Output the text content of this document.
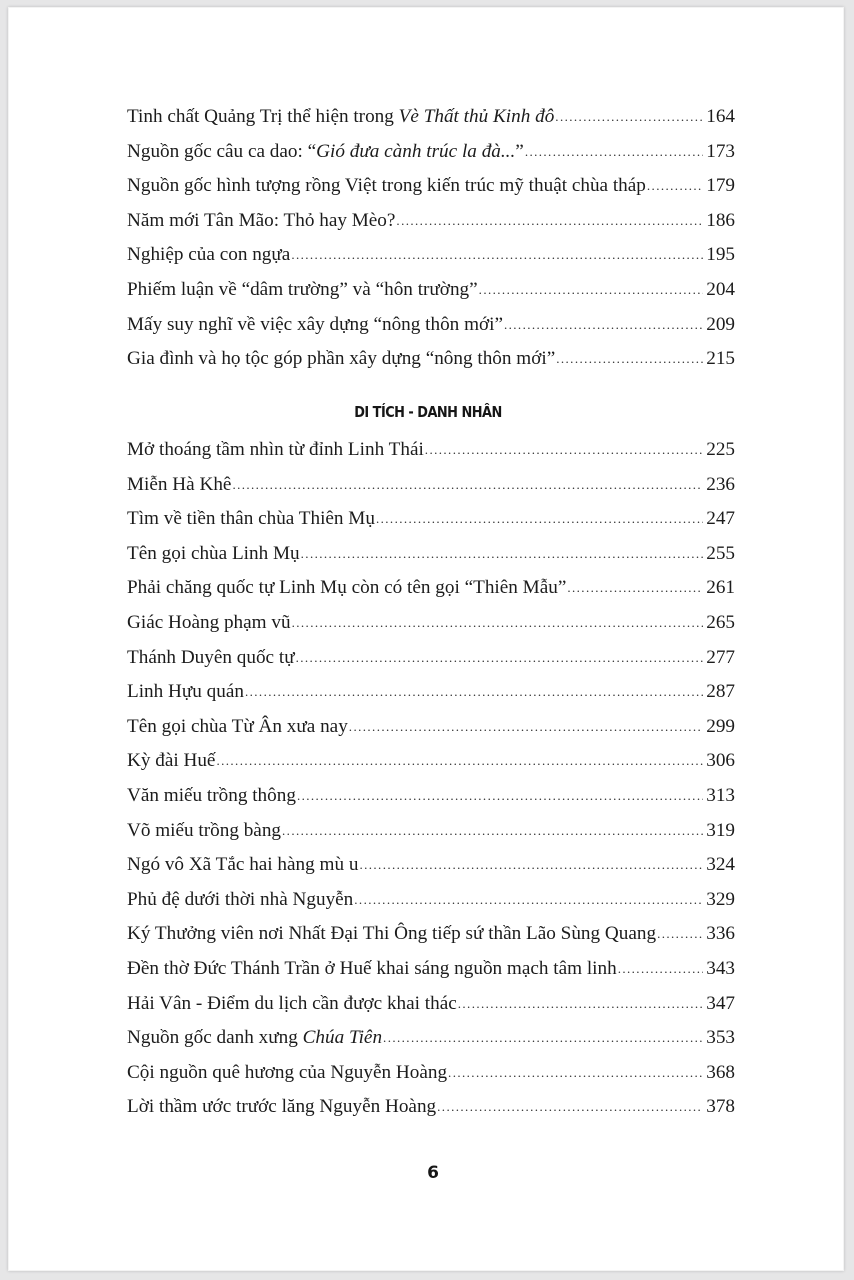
Tinh chất Quảng Trị thể hiện trong Vè Thất thủ Kinh đô .....	164
Nguồn gốc câu ca dao: “Gió đưa cành trúc la đà...” .....	173
Nguồn gốc hình tượng rồng Việt trong kiến trúc mỹ thuật chùa tháp .....	179
Năm mới Tân Mão: Thỏ hay Mèo? .....	186
Nghiệp của con ngựa .....	195
Phiếm luận về “dâm trường” và “hôn trường” .....	204
Mấy suy nghĩ về việc xây dựng “nông thôn mới” .....	209
Gia đình và họ tộc góp phần xây dựng “nông thôn mới” .....	215
DI TÍCH - DANH NHÂN
Mở thoáng tầm nhìn từ đỉnh Linh Thái .....	225
Miễn Hà Khê .....	236
Tìm về tiền thân chùa Thiên Mụ .....	247
Tên gọi chùa Linh Mụ .....	255
Phải chăng quốc tự Linh Mụ còn có tên gọi “Thiên Mẫu” .....	261
Giác Hoàng phạm vũ .....	265
Thánh Duyên quốc tự .....	277
Linh Hựu quán .....	287
Tên gọi chùa Từ Ân xưa nay .....	299
Kỳ đài Huế .....	306
Văn miếu trồng thông .....	313
Võ miếu trồng bàng .....	319
Ngó vô Xã Tắc hai hàng mù u .....	324
Phủ đệ dưới thời nhà Nguyễn .....	329
Ký Thưởng viên nơi Nhất Đại Thi Ông tiếp sứ thần Lão Sùng Quang .....	336
Đền thờ Đức Thánh Trần ở Huế khai sáng nguồn mạch tâm linh .....	343
Hải Vân - Điểm du lịch cần được khai thác .....	347
Nguồn gốc danh xưng Chúa Tiên .....	353
Cội nguồn quê hương của Nguyễn Hoàng .....	368
Lời thầm ước trước lăng Nguyễn Hoàng .....	378
6
